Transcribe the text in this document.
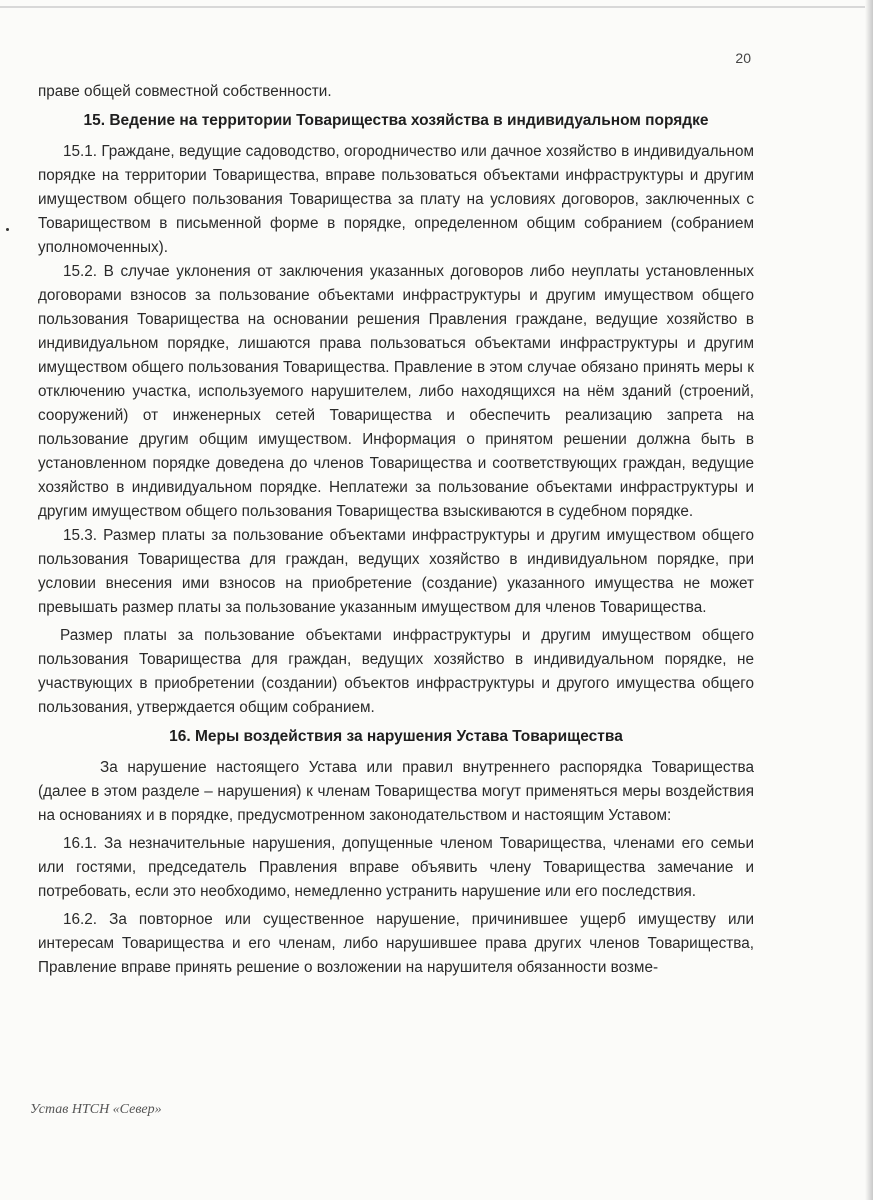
20

праве общей совместной собственности.

15. Ведение на территории Товарищества хозяйства в индивидуальном порядке

15.1. Граждане, ведущие садоводство, огородничество или дачное хозяйство в индивидуальном порядке на территории Товарищества, вправе пользоваться объектами инфраструктуры и другим имуществом общего пользования Товарищества за плату на условиях договоров, заключенных с Товариществом в письменной форме в порядке, определенном общим собранием (собранием уполномоченных).

15.2. В случае уклонения от заключения указанных договоров либо неуплаты установленных договорами взносов за пользование объектами инфраструктуры и другим имуществом общего пользования Товарищества на основании решения Правления граждане, ведущие хозяйство в индивидуальном порядке, лишаются права пользоваться объектами инфраструктуры и другим имуществом общего пользования Товарищества. Правление в этом случае обязано принять меры к отключению участка, используемого нарушителем, либо находящихся на нём зданий (строений, сооружений) от инженерных сетей Товарищества и обеспечить реализацию запрета на пользование другим общим имуществом. Информация о принятом решении должна быть в установленном порядке доведена до членов Товарищества и соответствующих граждан, ведущие хозяйство в индивидуальном порядке. Неплатежи за пользование объектами инфраструктуры и другим имуществом общего пользования Товарищества взыскиваются в судебном порядке.

15.3. Размер платы за пользование объектами инфраструктуры и другим имуществом общего пользования Товарищества для граждан, ведущих хозяйство в индивидуальном порядке, при условии внесения ими взносов на приобретение (создание) указанного имущества не может превышать размер платы за пользование указанным имуществом для членов Товарищества.

Размер платы за пользование объектами инфраструктуры и другим имуществом общего пользования Товарищества для граждан, ведущих хозяйство в индивидуальном порядке, не участвующих в приобретении (создании) объектов инфраструктуры и другого имущества общего пользования, утверждается общим собранием.

16. Меры воздействия за нарушения Устава Товарищества

За нарушение настоящего Устава или правил внутреннего распорядка Товарищества (далее в этом разделе – нарушения) к членам Товарищества могут применяться меры воздействия на основаниях и в порядке, предусмотренном законодательством и настоящим Уставом:

16.1. За незначительные нарушения, допущенные членом Товарищества, членами его семьи или гостями, председатель Правления вправе объявить члену Товарищества замечание и потребовать, если это необходимо, немедленно устранить нарушение или его последствия.

16.2. За повторное или существенное нарушение, причинившее ущерб имуществу или интересам Товарищества и его членам, либо нарушившее права других членов Товарищества, Правление вправе принять решение о возложении на нарушителя обязанности возме-

Устав НТСН «Север»
